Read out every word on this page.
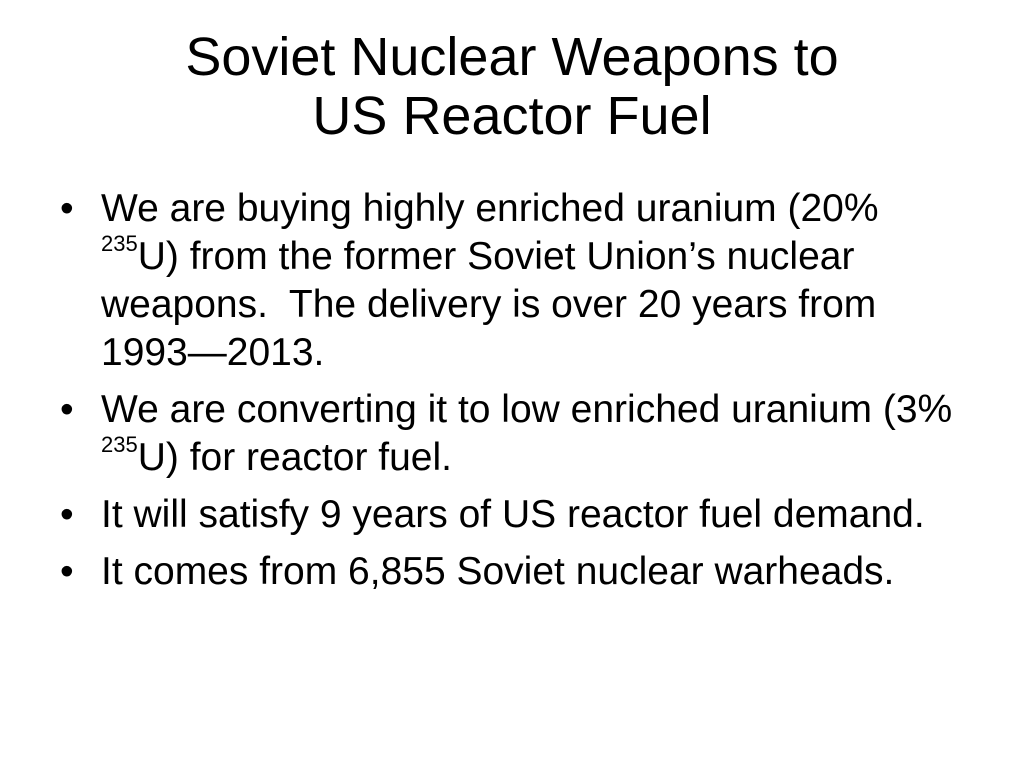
Soviet Nuclear Weapons to
US Reactor Fuel
• We are buying highly enriched uranium (20% $^{235}$U) from the former Soviet Union’s nuclear weapons.  The delivery is over 20 years from 1993—2013.
• We are converting it to low enriched uranium (3% $^{235}$U) for reactor fuel.
• It will satisfy 9 years of US reactor fuel demand.
• It comes from 6,855 Soviet nuclear warheads.
